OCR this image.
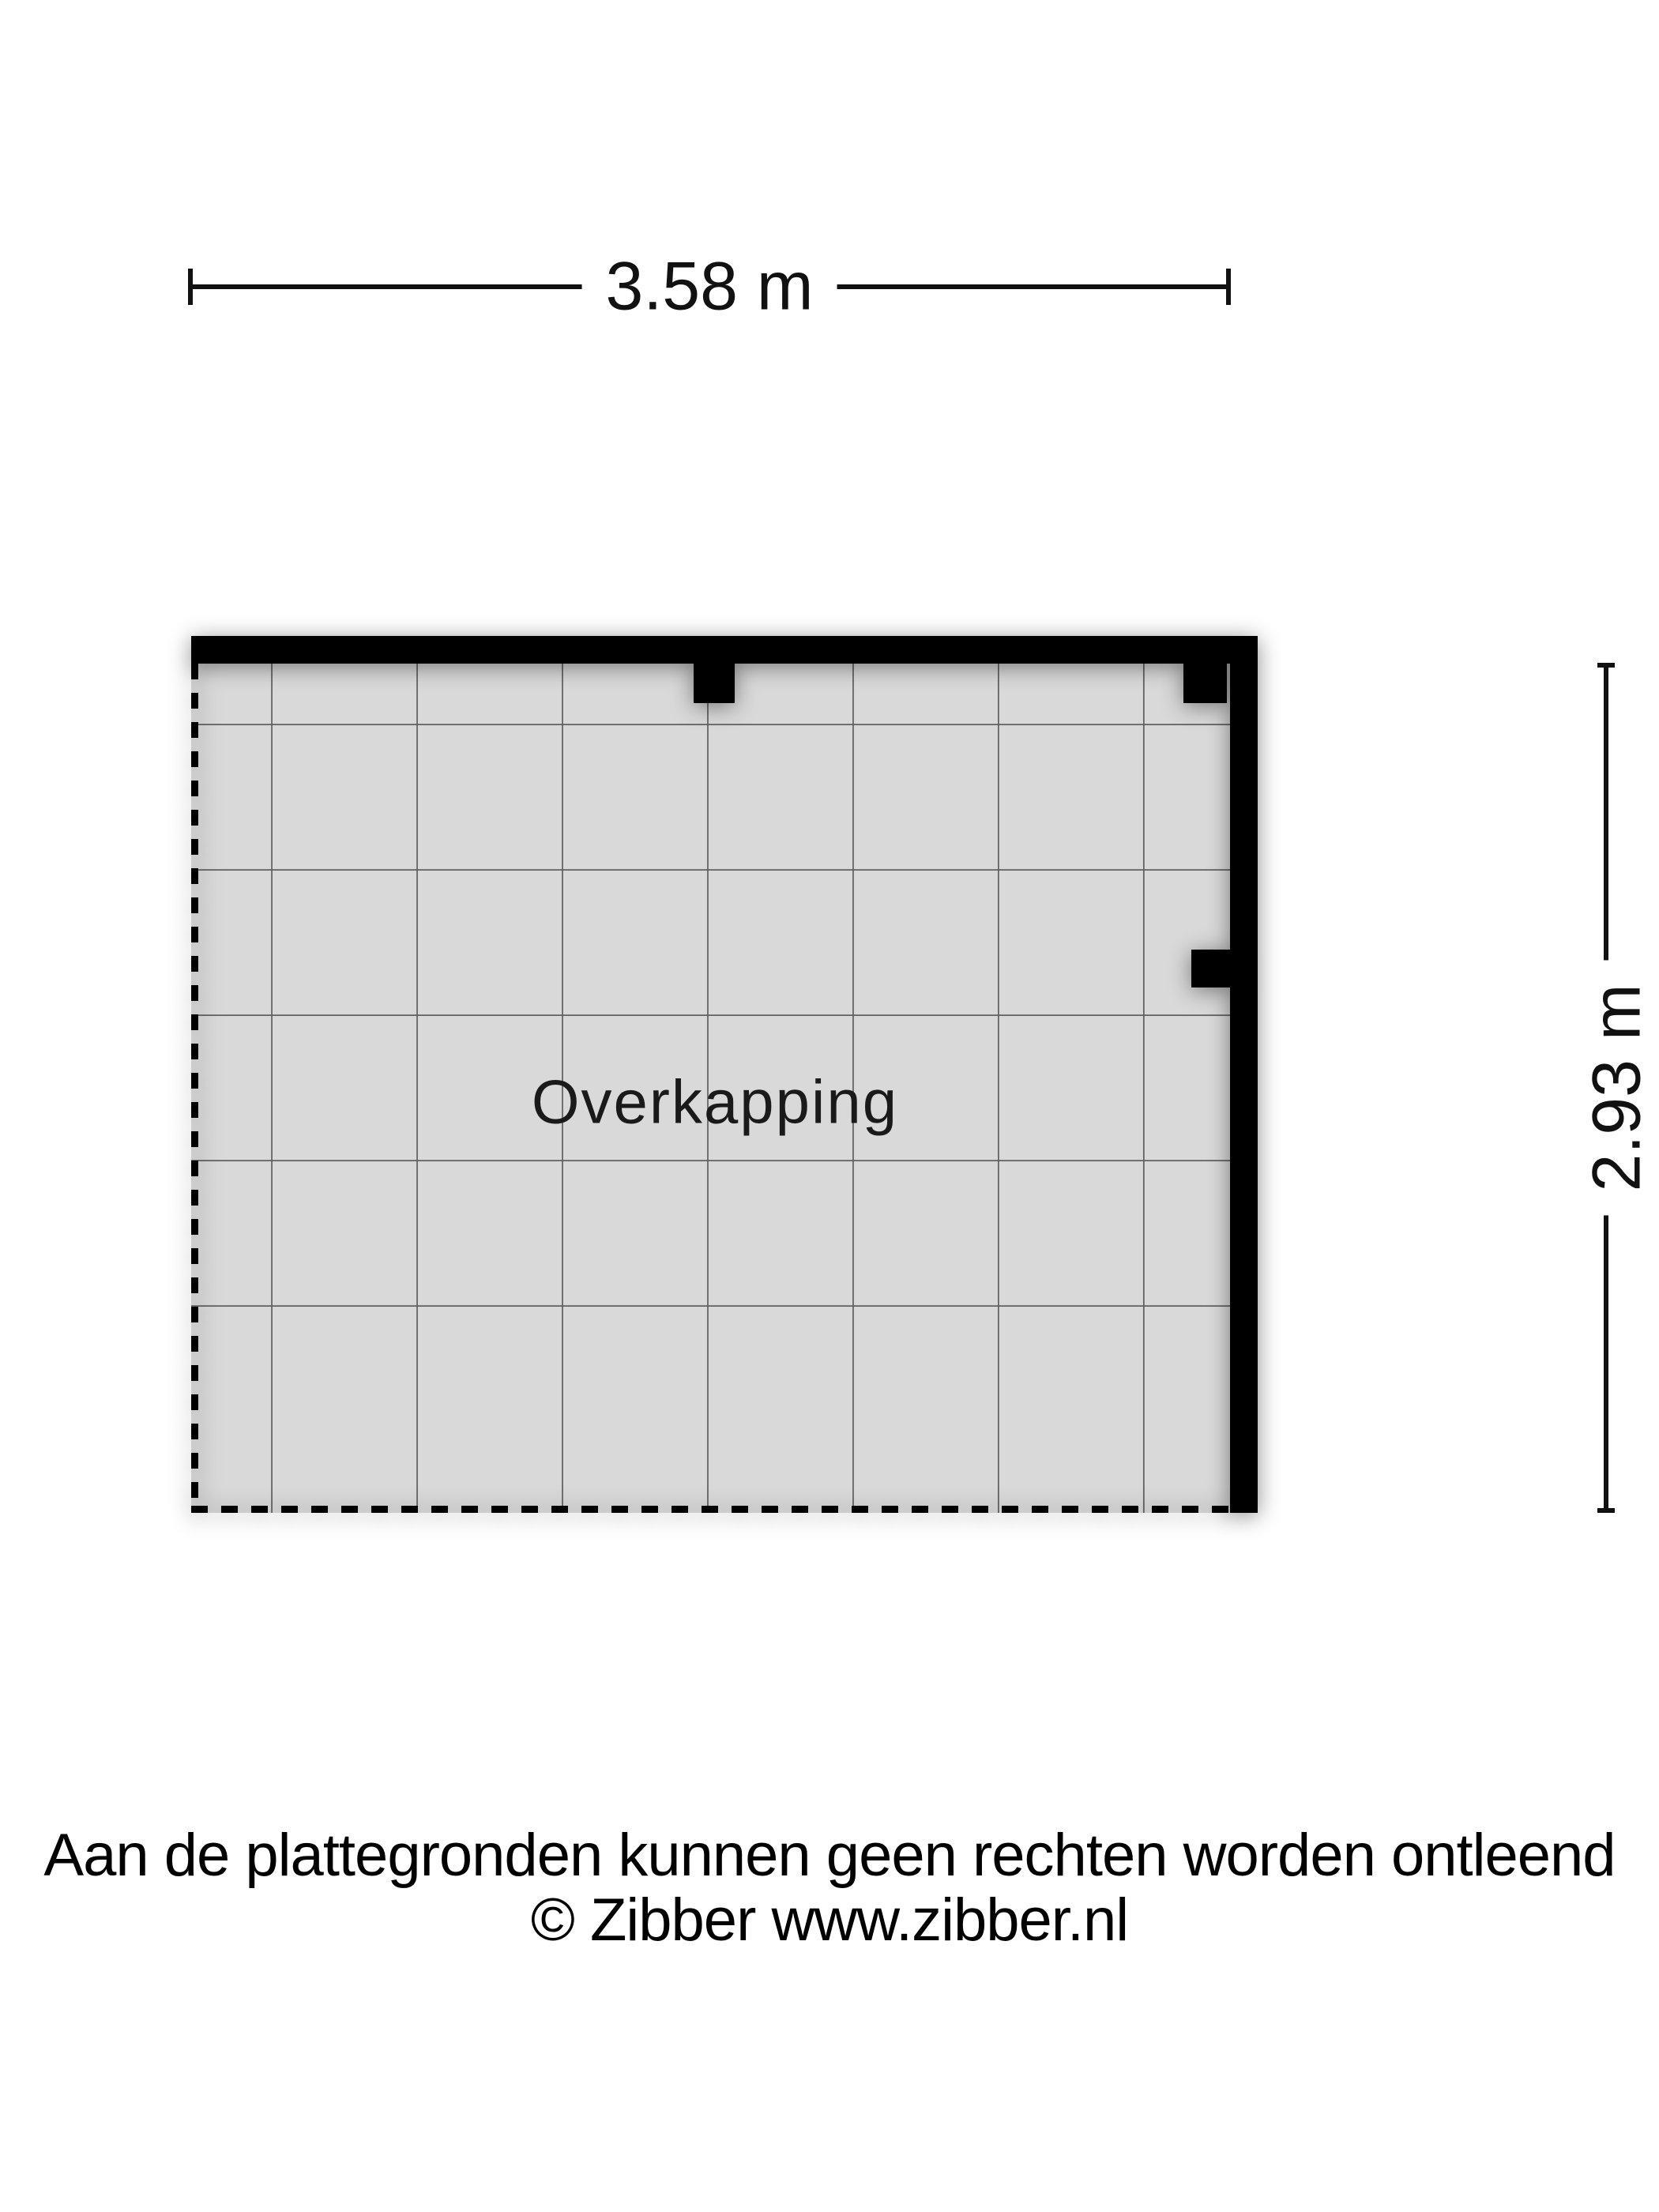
3.58 m
Overkapping	2.93 m
Aan de plattegronden kunnen geen rechten worden ontleend
© Zibber www.zibber.nl
